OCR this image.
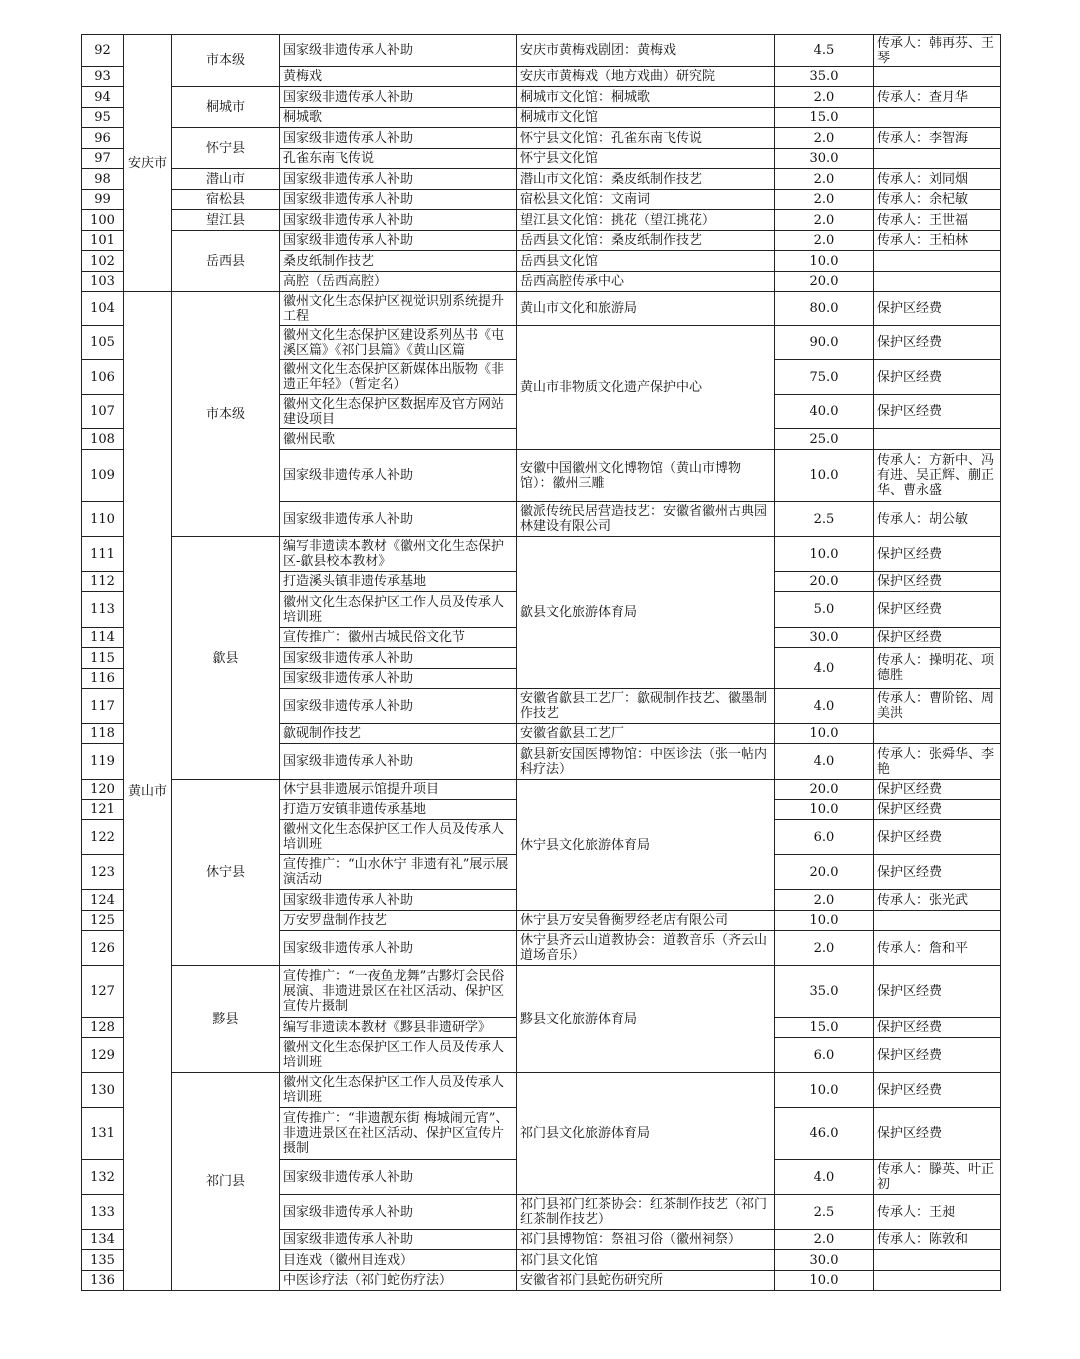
92	安庆市	市本级	国家级非遗传承人补助	安庆市黄梅戏剧团：黄梅戏	4.5	传承人：韩再芬、王琴
93			黄梅戏	安庆市黄梅戏（地方戏曲）研究院	35.0	
94		桐城市	国家级非遗传承人补助	桐城市文化馆：桐城歌	2.0	传承人：查月华
95			桐城歌	桐城市文化馆	15.0	
96		怀宁县	国家级非遗传承人补助	怀宁县文化馆：孔雀东南飞传说	2.0	传承人：李智海
97			孔雀东南飞传说	怀宁县文化馆	30.0	
98		潜山市	国家级非遗传承人补助	潜山市文化馆：桑皮纸制作技艺	2.0	传承人：刘同烟
99		宿松县	国家级非遗传承人补助	宿松县文化馆：文南词	2.0	传承人：余杞敏
100		望江县	国家级非遗传承人补助	望江县文化馆：挑花（望江挑花）	2.0	传承人：王世福
101		岳西县	国家级非遗传承人补助	岳西县文化馆：桑皮纸制作技艺	2.0	传承人：王柏林
102			桑皮纸制作技艺	岳西县文化馆	10.0	
103			高腔（岳西高腔）	岳西高腔传承中心	20.0	
104	黄山市	市本级	徽州文化生态保护区视觉识别系统提升工程	黄山市文化和旅游局	80.0	保护区经费
105			徽州文化生态保护区建设系列丛书《屯溪区篇》《祁门县篇》《黄山区篇	黄山市非物质文化遗产保护中心	90.0	保护区经费
106			徽州文化生态保护区新媒体出版物《非遗正年轻》（暂定名）		75.0	保护区经费
107			徽州文化生态保护区数据库及官方网站建设项目		40.0	保护区经费
108			徽州民歌		25.0	
109			国家级非遗传承人补助	安徽中国徽州文化博物馆（黄山市博物馆）：徽州三雕	10.0	传承人：方新中、冯有进、吴正辉、蒯正华、曹永盛
110			国家级非遗传承人补助	徽派传统民居营造技艺：安徽省徽州古典园林建设有限公司	2.5	传承人：胡公敏
111		歙县	编写非遗读本教材《徽州文化生态保护区-歙县校本教材》	歙县文化旅游体育局	10.0	保护区经费
112			打造溪头镇非遗传承基地		20.0	保护区经费
113			徽州文化生态保护区工作人员及传承人培训班		5.0	保护区经费
114			宣传推广：徽州古城民俗文化节		30.0	保护区经费
115			国家级非遗传承人补助		4.0	传承人：操明花、项德胜
116			国家级非遗传承人补助			
117			国家级非遗传承人补助	安徽省歙县工艺厂：歙砚制作技艺、徽墨制作技艺	4.0	传承人：曹阶铭、周美洪
118			歙砚制作技艺	安徽省歙县工艺厂	10.0	
119			国家级非遗传承人补助	歙县新安国医博物馆：中医诊法（张一帖内科疗法）	4.0	传承人：张舜华、李艳
120		休宁县	休宁县非遗展示馆提升项目	休宁县文化旅游体育局	20.0	保护区经费
121			打造万安镇非遗传承基地		10.0	保护区经费
122			徽州文化生态保护区工作人员及传承人培训班		6.0	保护区经费
123			宣传推广：“山水休宁 非遗有礼”展示展演活动		20.0	保护区经费
124			国家级非遗传承人补助		2.0	传承人：张光武
125			万安罗盘制作技艺	休宁县万安吴鲁衡罗经老店有限公司	10.0	
126			国家级非遗传承人补助	休宁县齐云山道教协会：道教音乐（齐云山道场音乐）	2.0	传承人：詹和平
127		黟县	宣传推广：“一夜鱼龙舞”古黟灯会民俗展演、非遗进景区在社区活动、保护区宣传片摄制	黟县文化旅游体育局	35.0	保护区经费
128			编写非遗读本教材《黟县非遗研学》		15.0	保护区经费
129			徽州文化生态保护区工作人员及传承人培训班		6.0	保护区经费
130		祁门县	徽州文化生态保护区工作人员及传承人培训班	祁门县文化旅游体育局	10.0	保护区经费
131			宣传推广：“非遗靓东街 梅城闹元宵”、非遗进景区在社区活动、保护区宣传片摄制		46.0	保护区经费
132			国家级非遗传承人补助		4.0	传承人：滕英、叶正初
133			国家级非遗传承人补助	祁门县祁门红茶协会：红茶制作技艺（祁门红茶制作技艺）	2.5	传承人：王昶
134			国家级非遗传承人补助	祁门县博物馆：祭祖习俗（徽州祠祭）	2.0	传承人：陈敦和
135			目连戏（徽州目连戏）	祁门县文化馆	30.0	
136			中医诊疗法（祁门蛇伤疗法）	安徽省祁门县蛇伤研究所	10.0	
